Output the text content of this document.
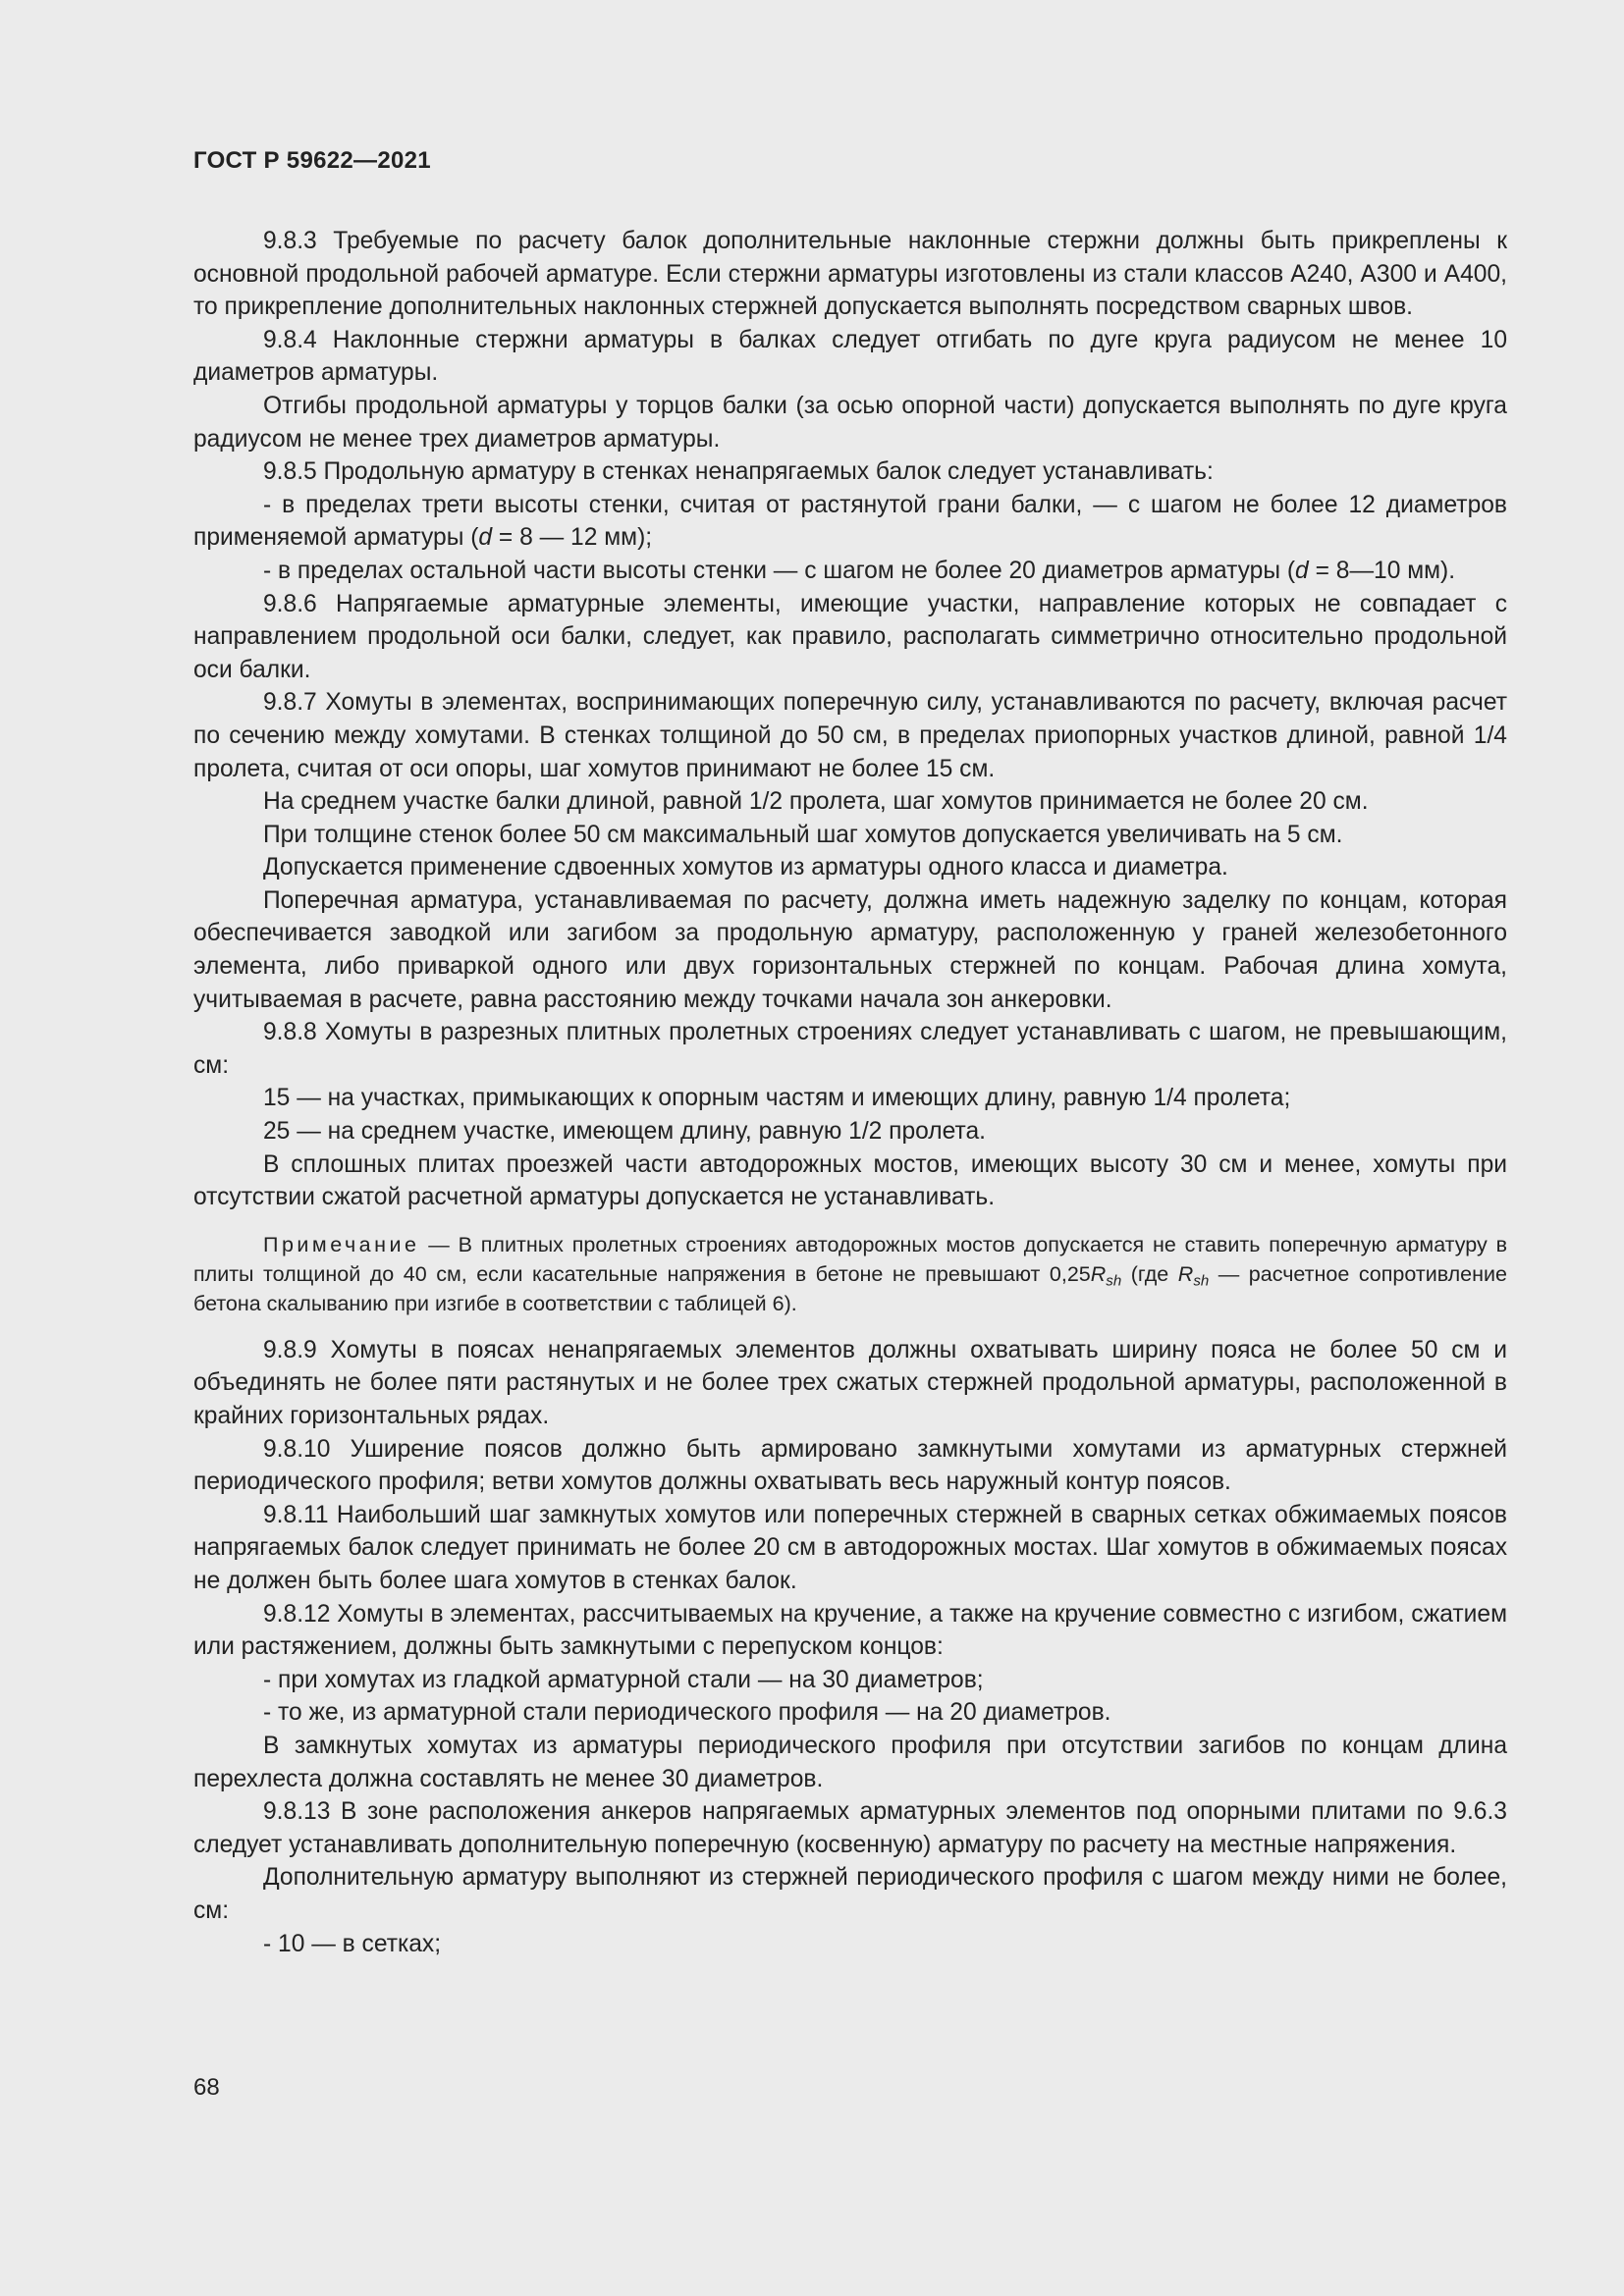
ГОСТ Р 59622—2021

9.8.3 Требуемые по расчету балок дополнительные наклонные стержни должны быть прикреплены к основной продольной рабочей арматуре. Если стержни арматуры изготовлены из стали классов А240, А300 и А400, то прикрепление дополнительных наклонных стержней допускается выполнять посредством сварных швов.

9.8.4 Наклонные стержни арматуры в балках следует отгибать по дуге круга радиусом не менее 10 диаметров арматуры.

Отгибы продольной арматуры у торцов балки (за осью опорной части) допускается выполнять по дуге круга радиусом не менее трех диаметров арматуры.

9.8.5 Продольную арматуру в стенках ненапрягаемых балок следует устанавливать:

- в пределах трети высоты стенки, считая от растянутой грани балки, — с шагом не более 12 диаметров применяемой арматуры (d = 8 — 12 мм);

- в пределах остальной части высоты стенки — с шагом не более 20 диаметров арматуры (d = 8—10 мм).

9.8.6 Напрягаемые арматурные элементы, имеющие участки, направление которых не совпадает с направлением продольной оси балки, следует, как правило, располагать симметрично относительно продольной оси балки.

9.8.7 Хомуты в элементах, воспринимающих поперечную силу, устанавливаются по расчету, включая расчет по сечению между хомутами. В стенках толщиной до 50 см, в пределах приопорных участков длиной, равной 1/4 пролета, считая от оси опоры, шаг хомутов принимают не более 15 см.

На среднем участке балки длиной, равной 1/2 пролета, шаг хомутов принимается не более 20 см.

При толщине стенок более 50 см максимальный шаг хомутов допускается увеличивать на 5 см.

Допускается применение сдвоенных хомутов из арматуры одного класса и диаметра.

Поперечная арматура, устанавливаемая по расчету, должна иметь надежную заделку по концам, которая обеспечивается заводкой или загибом за продольную арматуру, расположенную у граней железобетонного элемента, либо приваркой одного или двух горизонтальных стержней по концам. Рабочая длина хомута, учитываемая в расчете, равна расстоянию между точками начала зон анкеровки.

9.8.8 Хомуты в разрезных плитных пролетных строениях следует устанавливать с шагом, не превышающим, см:

15 — на участках, примыкающих к опорным частям и имеющих длину, равную 1/4 пролета;

25 — на среднем участке, имеющем длину, равную 1/2 пролета.

В сплошных плитах проезжей части автодорожных мостов, имеющих высоту 30 см и менее, хомуты при отсутствии сжатой расчетной арматуры допускается не устанавливать.

Примечание — В плитных пролетных строениях автодорожных мостов допускается не ставить поперечную арматуру в плиты толщиной до 40 см, если касательные напряжения в бетоне не превышают $0,25R_{sh}$ (где $R_{sh}$ — расчетное сопротивление бетона скалыванию при изгибе в соответствии с таблицей 6).

9.8.9 Хомуты в поясах ненапрягаемых элементов должны охватывать ширину пояса не более 50 см и объединять не более пяти растянутых и не более трех сжатых стержней продольной арматуры, расположенной в крайних горизонтальных рядах.

9.8.10 Уширение поясов должно быть армировано замкнутыми хомутами из арматурных стержней периодического профиля; ветви хомутов должны охватывать весь наружный контур поясов.

9.8.11 Наибольший шаг замкнутых хомутов или поперечных стержней в сварных сетках обжимаемых поясов напрягаемых балок следует принимать не более 20 см в автодорожных мостах. Шаг хомутов в обжимаемых поясах не должен быть более шага хомутов в стенках балок.

9.8.12 Хомуты в элементах, рассчитываемых на кручение, а также на кручение совместно с изгибом, сжатием или растяжением, должны быть замкнутыми с перепуском концов:

- при хомутах из гладкой арматурной стали — на 30 диаметров;

- то же, из арматурной стали периодического профиля — на 20 диаметров.

В замкнутых хомутах из арматуры периодического профиля при отсутствии загибов по концам длина перехлеста должна составлять не менее 30 диаметров.

9.8.13 В зоне расположения анкеров напрягаемых арматурных элементов под опорными плитами по 9.6.3 следует устанавливать дополнительную поперечную (косвенную) арматуру по расчету на местные напряжения.

Дополнительную арматуру выполняют из стержней периодического профиля с шагом между ними не более, см:

- 10 — в сетках;

68
